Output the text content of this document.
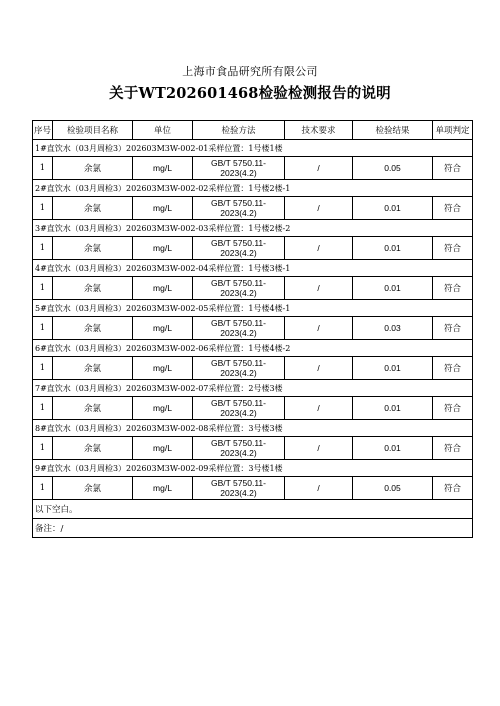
上海市食品研究所有限公司
关于WT202601468检验检测报告的说明
序号	检验项目名称	单位	检验方法	技术要求	检验结果	单项判定
1#直饮水（03月周检3）202603M3W-002-01采样位置：1号楼1楼						
1	余氯	mg/L	GB/T 5750.11-
2023(4.2)	/	0.05	符合
2#直饮水（03月周检3）202603M3W-002-02采样位置：1号楼2楼-1						
1	余氯	mg/L	GB/T 5750.11-
2023(4.2)	/	0.01	符合
3#直饮水（03月周检3）202603M3W-002-03采样位置：1号楼2楼-2						
1	余氯	mg/L	GB/T 5750.11-
2023(4.2)	/	0.01	符合
4#直饮水（03月周检3）202603M3W-002-04采样位置：1号楼3楼-1						
1	余氯	mg/L	GB/T 5750.11-
2023(4.2)	/	0.01	符合
5#直饮水（03月周检3）202603M3W-002-05采样位置：1号楼4楼-1						
1	余氯	mg/L	GB/T 5750.11-
2023(4.2)	/	0.03	符合
6#直饮水（03月周检3）202603M3W-002-06采样位置：1号楼4楼-2						
1	余氯	mg/L	GB/T 5750.11-
2023(4.2)	/	0.01	符合
7#直饮水（03月周检3）202603M3W-002-07采样位置：2号楼3楼						
1	余氯	mg/L	GB/T 5750.11-
2023(4.2)	/	0.01	符合
8#直饮水（03月周检3）202603M3W-002-08采样位置：3号楼3楼						
1	余氯	mg/L	GB/T 5750.11-
2023(4.2)	/	0.01	符合
9#直饮水（03月周检3）202603M3W-002-09采样位置：3号楼1楼						
1	余氯	mg/L	GB/T 5750.11-
2023(4.2)	/	0.05	符合
以下空白。						
备注：/						
